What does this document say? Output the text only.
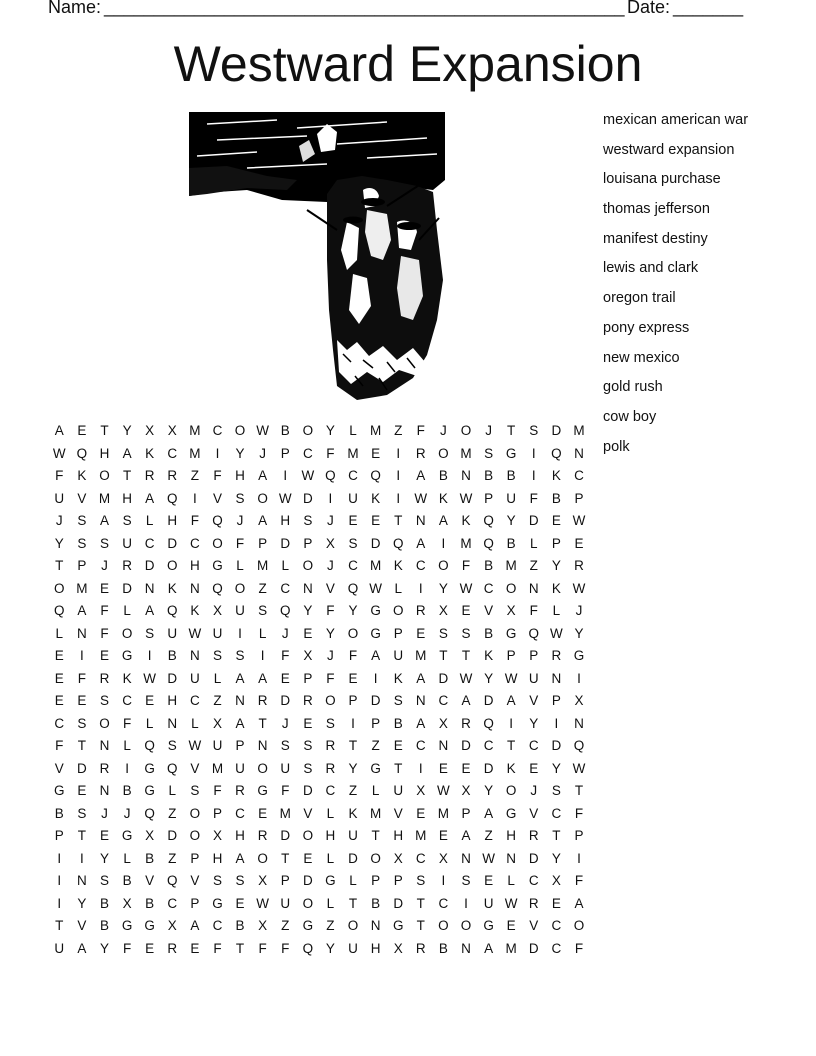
Name: ____________________________________________________ Date: _______
Westward Expansion
mexican american war
westward expansion
louisana purchase
thomas jefferson
manifest destiny
lewis and clark
oregon trail
pony express
new mexico
gold rush
cow boy
polk
A E T Y X X M C O W B O Y L M Z F J O J T S D M
W Q H A K C M I Y J P C F M E I R O M S G I Q N
F K O T R R Z F H A I W Q C Q I A B N B B I K C
U V M H A Q I V S O W D I U K I W K W P U F B P
J S A S L H F Q J A H S J E E T N A K Q Y D E W
Y S S U C D C O F P D P X S D Q A I M Q B L P E
T P J R D O H G L M L O J C M K C O F B M Z Y R
O M E D N K N Q O Z C N V Q W L I Y W C O N K W
Q A F L A Q K X U S Q Y F Y G O R X E V X F L J
L N F O S U W U I L J E Y O G P E S S B G Q W Y
E I E G I B N S S I F X J F A U M T T K P P R G
E F R K W D U L A A E P F E I K A D W Y W U N I
E E S C E H C Z N R D R O P D S N C A D A V P X
C S O F L N L X A T J E S I P B A X R Q I Y I N
F T N L Q S W U P N S S R T Z E C N D C T C D Q
V D R I G Q V M U O U S R Y G T I E E D K E Y W
G E N B G L S F R G F D C Z L U X W X Y O J S T
B S J J Q Z O P C E M V L K M V E M P A G V C F
P T E G X D O X H R D O H U T H M E A Z H R T P
I I Y L B Z P H A O T E L D O X C X N W N D Y I
I N S B V Q V S S X P D G L P P S I S E L C X F
I Y B X B C P G E W U O L T B D T C I U W R E A
T V B G G X A C B X Z G Z O N G T O O G E V C O
U A Y F E R E F T F F Q Y U H X R B N A M D C F
